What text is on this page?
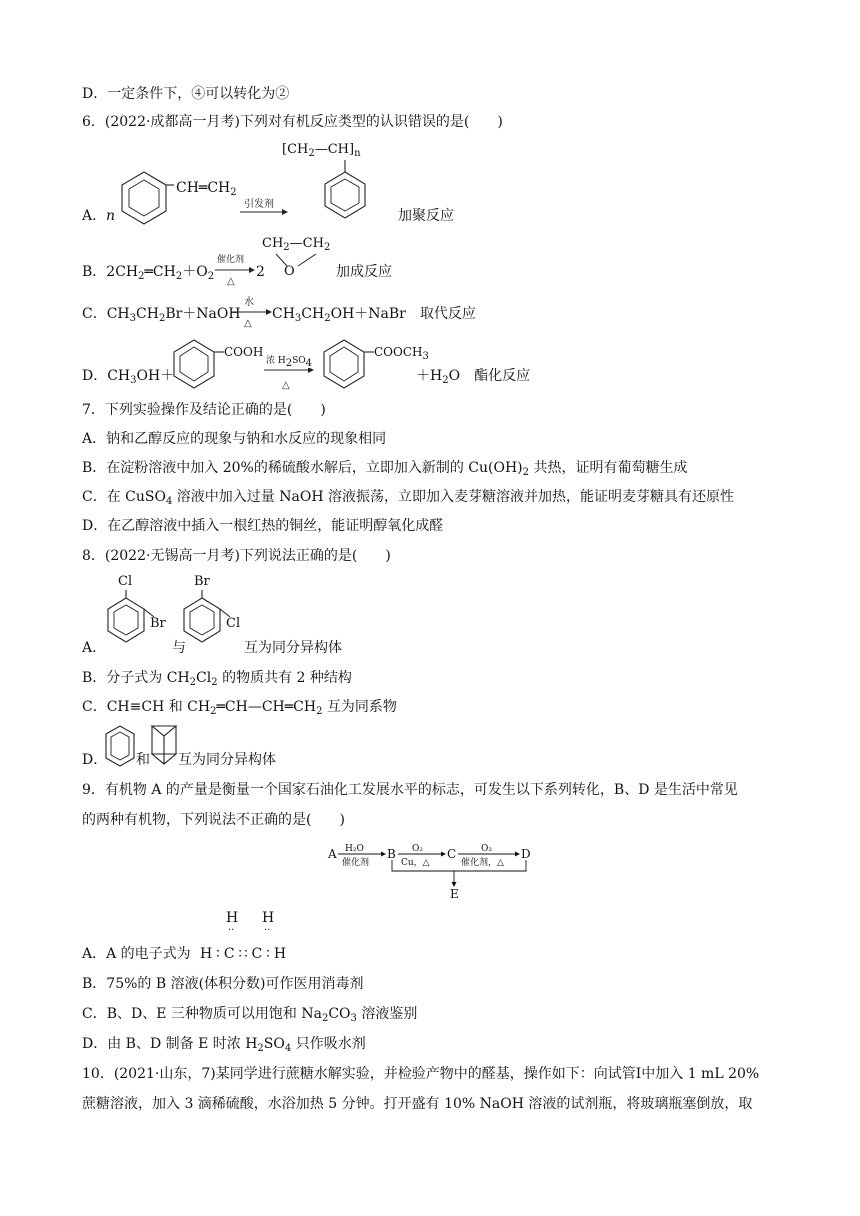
D．一定条件下，④可以转化为②
6．(2022·成都高一月考)下列对有机反应类型的认识错误的是(　　)
A． n
$CH═CH_2$
引发剂
$[CH_2—CH]_n$
加聚反应
B．$2CH_2═CH_2+O_2$
催化剂
△
2
$CH_2—CH_2$
O	加成反应
C．$CH_3CH_2Br+NaOH$
水
△
$CH_3CH_2OH+NaBr$　取代反应
D．$CH_3OH+$
COOH
浓 $H_2SO_4$
△
$COOCH_3$
$+H_2O$　酯化反应
7．下列实验操作及结论正确的是(　　)
A．钠和乙醇反应的现象与钠和水反应的现象相同
B．在淀粉溶液中加入 20%的稀硫酸水解后，立即加入新制的 $Cu(OH)_2$ 共热，证明有葡萄糖生成
C．在 CuSO$_4$ 溶液中加入过量 NaOH 溶液振荡，立即加入麦芽糖溶液并加热，能证明麦芽糖具有还原性
D．在乙醇溶液中插入一根红热的铜丝，能证明醇氧化成醛
8．(2022·无锡高一月考)下列说法正确的是(　　)
A．
Cl
Br
与
Br
Cl
互为同分异构体
B．分子式为 $CH_2Cl_2$ 的物质共有 2 种结构
C．CH≡CH 和 $CH_2═CH—CH═CH_2$ 互为同系物
D． 和 互为同分异构体
9．有机物 A 的产量是衡量一个国家石油化工发展水平的标志，可发生以下系列转化，B、D 是生活中常见
的两种有机物，下列说法不正确的是(　　)
A H₂O
催化剂
B O₂
Cu，△
C	O₂
催化剂，△
D
E
A．A 的电子式为
H H
··	··
H∶C∷C∶H
B．75%的 B 溶液(体积分数)可作医用消毒剂
C．B、D、E 三种物质可以用饱和 $Na_2CO_3$ 溶液鉴别
D．由 B、D 制备 E 时浓 $H_2SO_4$ 只作吸水剂
10．(2021·山东，7)某同学进行蔗糖水解实验，并检验产物中的醛基，操作如下：向试管Ⅰ中加入 1 mL 20%
蔗糖溶液，加入 3 滴稀硫酸，水浴加热 5 分钟。打开盛有 10% NaOH 溶液的试剂瓶，将玻璃瓶塞倒放，取
